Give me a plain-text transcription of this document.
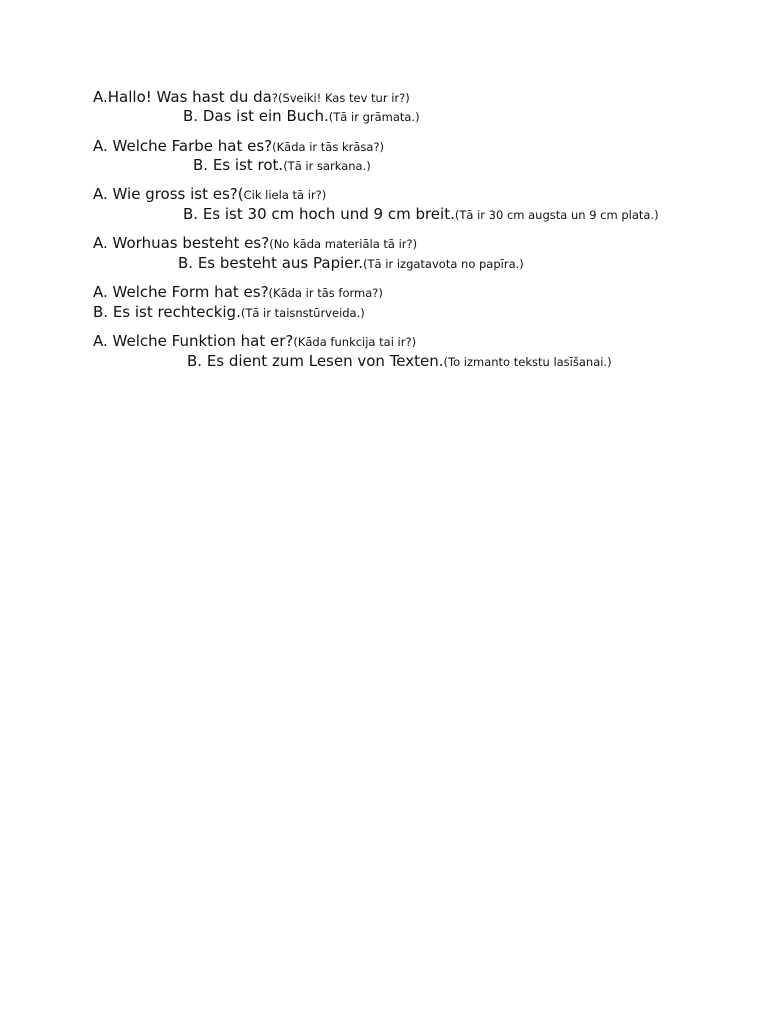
A.Hallo! Was hast du da?(Sveiki! Kas tev tur ir?)
B. Das ist ein Buch.(Tā ir grāmata.)
A. Welche Farbe hat es?(Kāda ir tās krāsa?)
B. Es ist rot.(Tā ir sarkana.)
A. Wie gross ist es?(Cik liela tā ir?)
B. Es ist 30 cm hoch und 9 cm breit.(Tā ir 30 cm augsta un 9 cm plata.)
A. Worhuas besteht es?(No kāda materiāla tā ir?)
B. Es besteht aus Papier.(Tā ir izgatavota no papīra.)
A. Welche Form hat es?(Kāda ir tās forma?)
B. Es ist rechteckig.(Tā ir taisnstūrveida.)
A. Welche Funktion hat er?(Kāda funkcija tai ir?)
B. Es dient zum Lesen von Texten.(To izmanto tekstu lasīšanai.)
